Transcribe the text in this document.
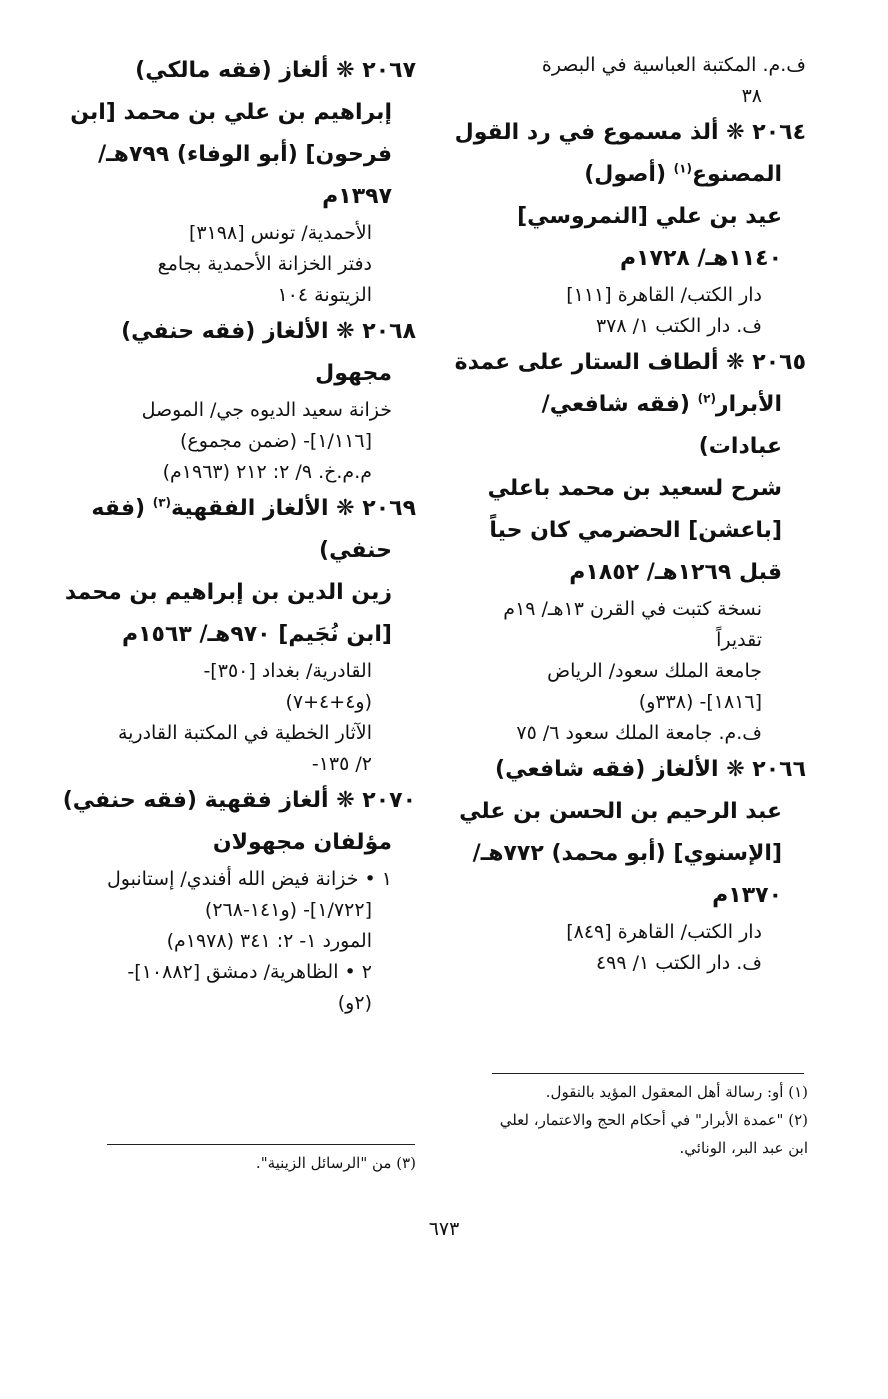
ف.م. المكتبة العباسية في البصرة
٣٨
٢٠٦٤ ❋ ألذ مسموع في رد القول
المصنوع$^{(١)}$ (أصول)
عيد بن علي [النمروسي]
١١٤٠هـ/ ١٧٢٨م
دار الكتب/ القاهرة [١١١]
ف. دار الكتب ١/ ٣٧٨
٢٠٦٥ ❋ ألطاف الستار على عمدة
الأبرار$^{(٢)}$ (فقه شافعي/
عبادات)
شرح لسعيد بن محمد باعلي
[باعشن] الحضرمي كان حياً
قبل ١٢٦٩هـ/ ١٨٥٢م
نسخة كتبت في القرن ١٣هـ/ ١٩م
تقديراً
جامعة الملك سعود/ الرياض
[١٨١٦]- (٣٣٨و)
ف.م. جامعة الملك سعود ٦/ ٧٥
٢٠٦٦ ❋ الألغاز (فقه شافعي)
عبد الرحيم بن الحسن بن علي
[الإسنوي] (أبو محمد) ٧٧٢هـ/
١٣٧٠م
دار الكتب/ القاهرة [٨٤٩]
ف. دار الكتب ١/ ٤٩٩
٢٠٦٧ ❋ ألغاز (فقه مالكي)
إبراهيم بن علي بن محمد [ابن
فرحون] (أبو الوفاء) ٧٩٩هـ/
١٣٩٧م
الأحمدية/ تونس [٣١٩٨]
دفتر الخزانة الأحمدية بجامع
الزيتونة ١٠٤
٢٠٦٨ ❋ الألغاز (فقه حنفي)
مجهول
خزانة سعيد الديوه جي/ الموصل
[١/١١٦]- (ضمن مجموع)
م.م.خ. ٩/ ٢: ٢١٢ (١٩٦٣م)
٢٠٦٩ ❋ الألغاز الفقهية$^{(٣)}$ (فقه
حنفي)
زين الدين بن إبراهيم بن محمد
[ابن نُجَيم] ٩٧٠هـ/ ١٥٦٣م
القادرية/ بغداد [٣٥٠]-
(و٤+٤+٧)
الآثار الخطية في المكتبة القادرية
٢/ ١٣٥-
٢٠٧٠ ❋ ألغاز فقهية (فقه حنفي)
مؤلفان مجهولان
١ • خزانة فيض الله أفندي/ إستانبول
[١/٧٢٢]- (و١٤١-٢٦٨)
المورد ١- ٢: ٣٤١ (١٩٧٨م)
٢ • الظاهرية/ دمشق [١٠٨٨٢]-
(٢و)
(١) أو: رسالة أهل المعقول المؤيد بالنقول.
(٢) "عمدة الأبرار" في أحكام الحج والاعتمار، لعلي
ابن عبد البر، الونائي.
(٣) من "الرسائل الزينية".
٦٧٣
